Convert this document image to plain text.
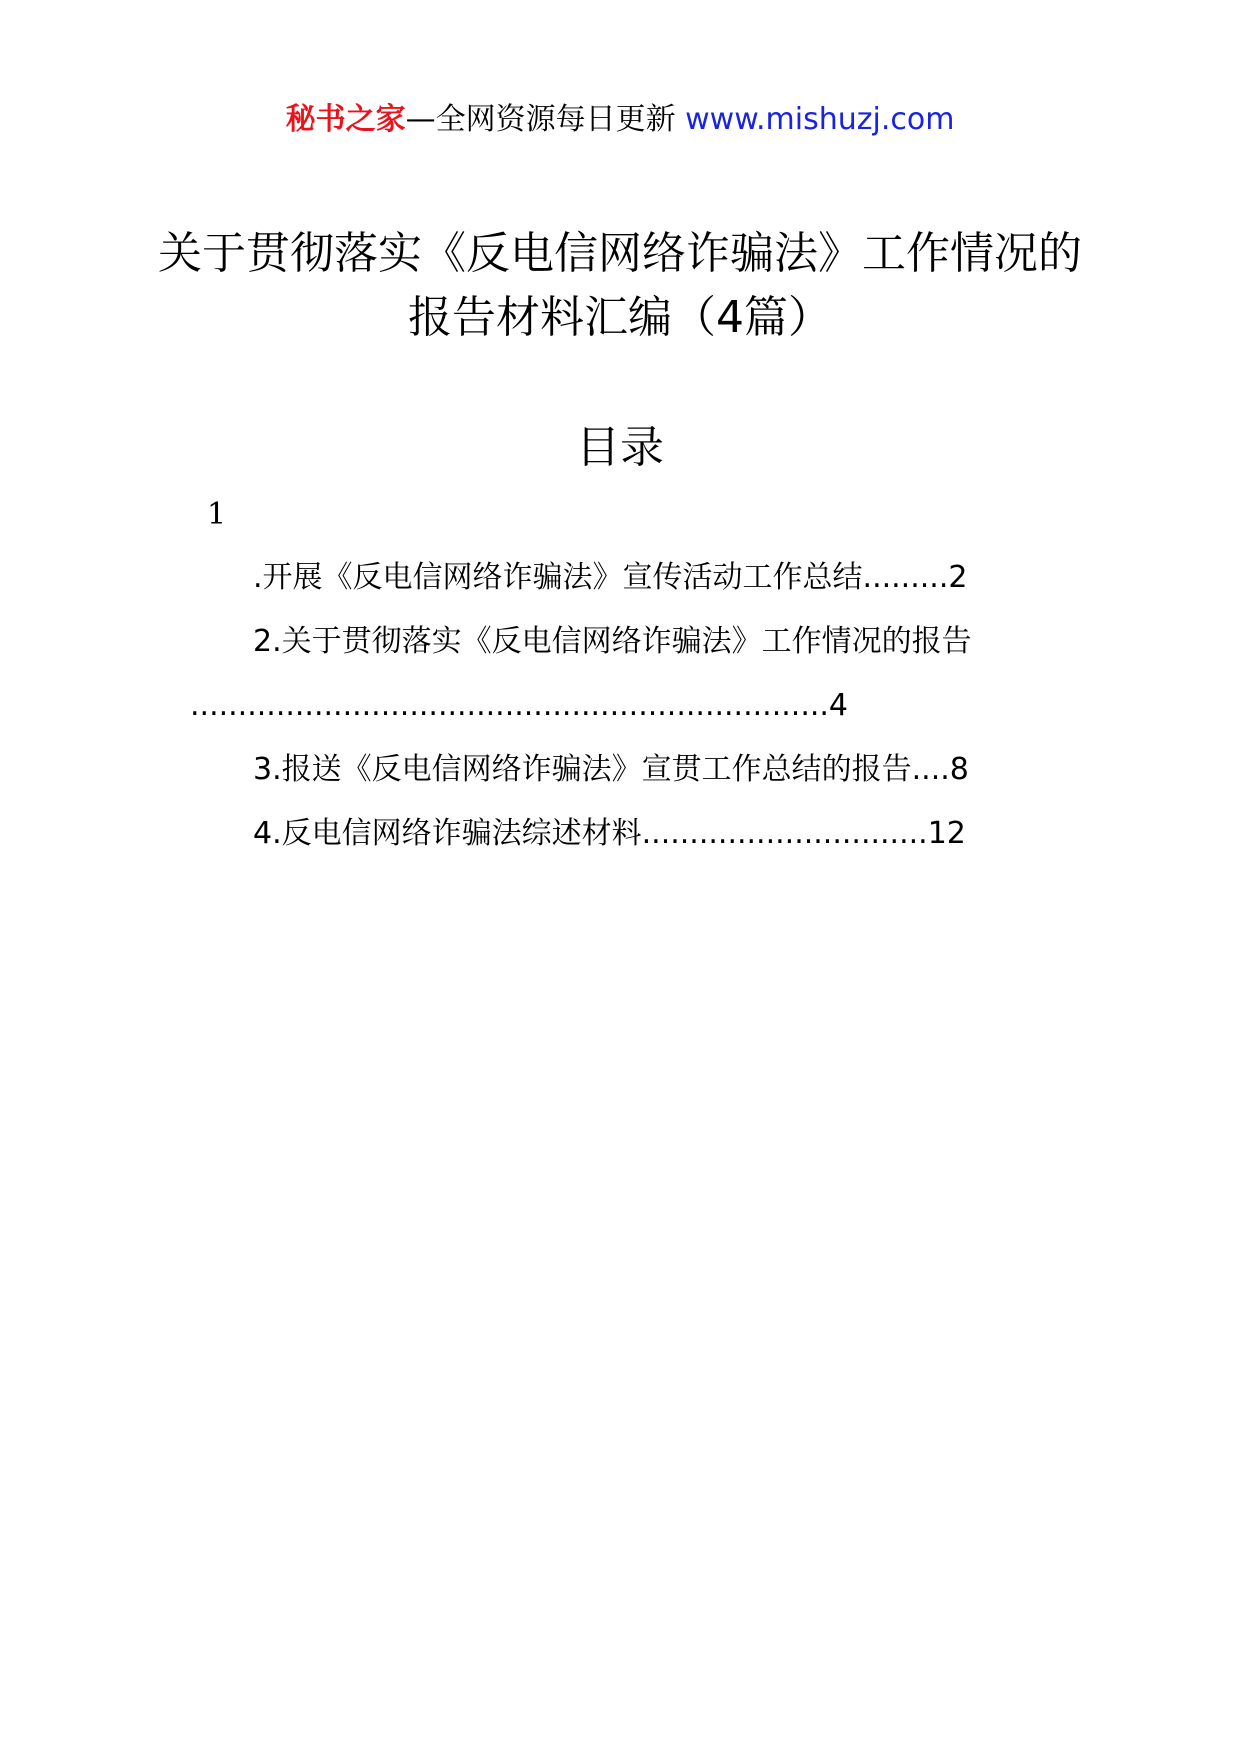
秘书之家—全网资源每日更新 www.mishuzj.com
关于贯彻落实《反电信网络诈骗法》工作情况的报告材料汇编（4篇）
目录
1
.开展《反电信网络诈骗法》宣传活动工作总结.........2
2.关于贯彻落实《反电信网络诈骗法》工作情况的报告
...................................................................4
3.报送《反电信网络诈骗法》宣贯工作总结的报告....8
4.反电信网络诈骗法综述材料..............................12
